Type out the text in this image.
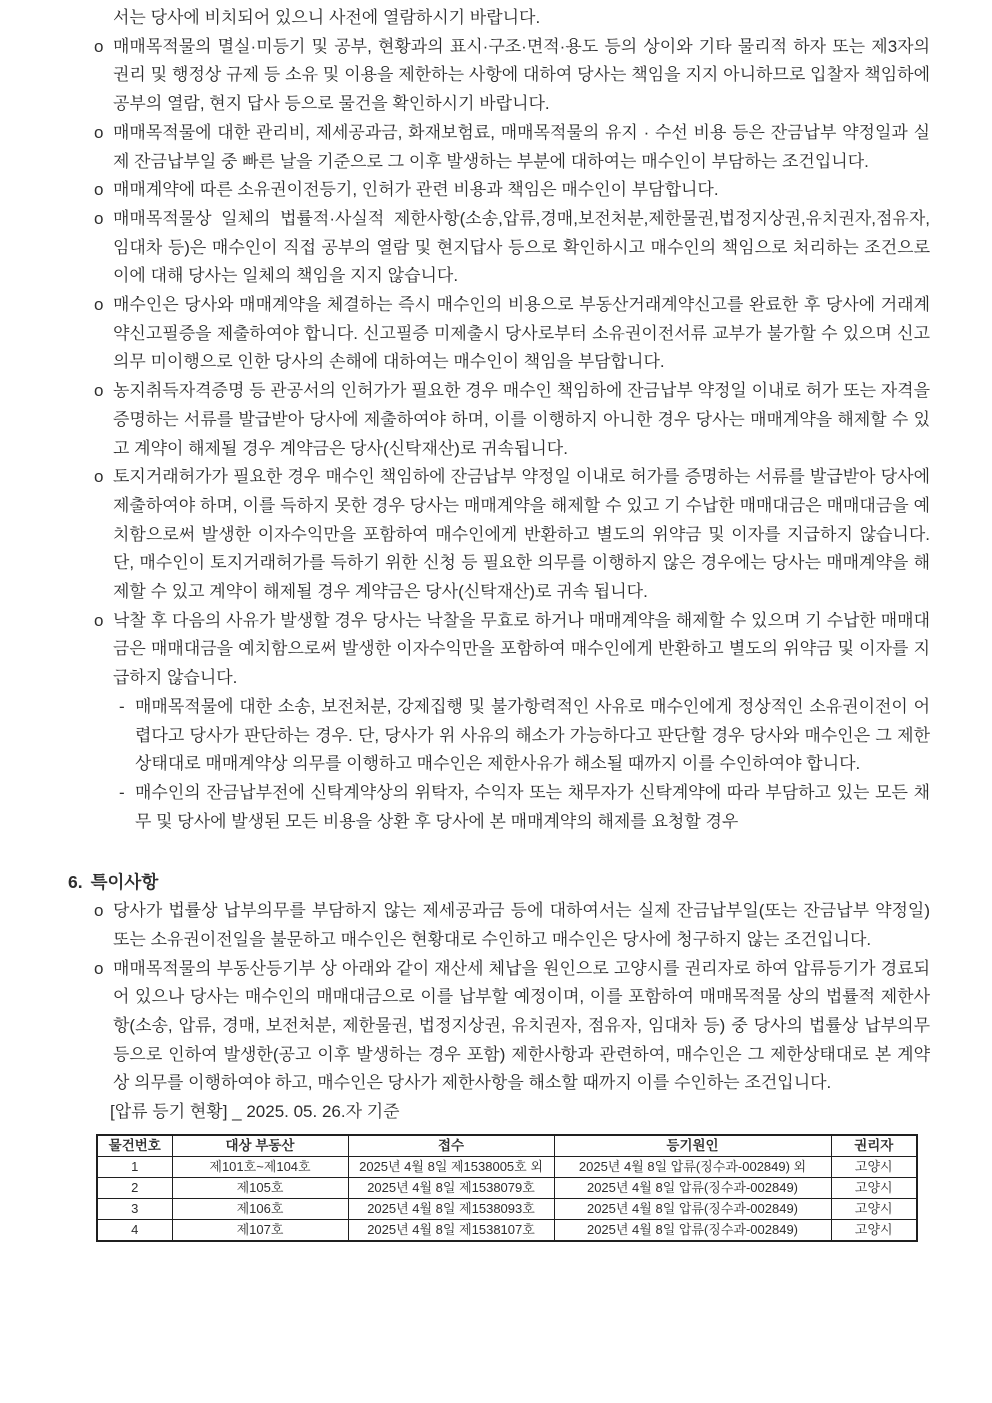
서는 당사에 비치되어 있으니 사전에 열람하시기 바랍니다.

o 매매목적물의 멸실·미등기 및 공부, 현황과의 표시·구조·면적·용도 등의 상이와 기타 물리적 하자 또는 제3자의 권리 및 행정상 규제 등 소유 및 이용을 제한하는 사항에 대하여 당사는 책임을 지지 아니하므로 입찰자 책임하에 공부의 열람, 현지 답사 등으로 물건을 확인하시기 바랍니다.
o 매매목적물에 대한 관리비, 제세공과금, 화재보험료, 매매목적물의 유지 · 수선 비용 등은 잔금납부 약정일과 실제 잔금납부일 중 빠른 날을 기준으로 그 이후 발생하는 부분에 대하여는 매수인이 부담하는 조건입니다.
o 매매계약에 따른 소유권이전등기, 인허가 관련 비용과 책임은 매수인이 부담합니다.
o 매매목적물상 일체의 법률적·사실적 제한사항(소송,압류,경매,보전처분,제한물권,법정지상권,유치권자,점유자,임대차 등)은 매수인이 직접 공부의 열람 및 현지답사 등으로 확인하시고 매수인의 책임으로 처리하는 조건으로 이에 대해 당사는 일체의 책임을 지지 않습니다.
o 매수인은 당사와 매매계약을 체결하는 즉시 매수인의 비용으로 부동산거래계약신고를 완료한 후 당사에 거래계약신고필증을 제출하여야 합니다. 신고필증 미제출시 당사로부터 소유권이전서류 교부가 불가할 수 있으며 신고의무 미이행으로 인한 당사의 손해에 대하여는 매수인이 책임을 부담합니다.
o 농지취득자격증명 등 관공서의 인허가가 필요한 경우 매수인 책임하에 잔금납부 약정일 이내로 허가 또는 자격을 증명하는 서류를 발급받아 당사에 제출하여야 하며, 이를 이행하지 아니한 경우 당사는 매매계약을 해제할 수 있고 계약이 해제될 경우 계약금은 당사(신탁재산)로 귀속됩니다.
o 토지거래허가가 필요한 경우 매수인 책임하에 잔금납부 약정일 이내로 허가를 증명하는 서류를 발급받아 당사에 제출하여야 하며, 이를 득하지 못한 경우 당사는 매매계약을 해제할 수 있고 기 수납한 매매대금은 매매대금을 예치함으로써 발생한 이자수익만을 포함하여 매수인에게 반환하고 별도의 위약금 및 이자를 지급하지 않습니다. 단, 매수인이 토지거래허가를 득하기 위한 신청 등 필요한 의무를 이행하지 않은 경우에는 당사는 매매계약을 해제할 수 있고 계약이 해제될 경우 계약금은 당사(신탁재산)로 귀속 됩니다.
o 낙찰 후 다음의 사유가 발생할 경우 당사는 낙찰을 무효로 하거나 매매계약을 해제할 수 있으며 기 수납한 매매대금은 매매대금을 예치함으로써 발생한 이자수익만을 포함하여 매수인에게 반환하고 별도의 위약금 및 이자를 지급하지 않습니다.
- 매매목적물에 대한 소송, 보전처분, 강제집행 및 불가항력적인 사유로 매수인에게 정상적인 소유권이전이 어렵다고 당사가 판단하는 경우. 단, 당사가 위 사유의 해소가 가능하다고 판단할 경우 당사와 매수인은 그 제한상태대로 매매계약상 의무를 이행하고 매수인은 제한사유가 해소될 때까지 이를 수인하여야 합니다.
- 매수인의 잔금납부전에 신탁계약상의 위탁자, 수익자 또는 채무자가 신탁계약에 따라 부담하고 있는 모든 채무 및 당사에 발생된 모든 비용을 상환 후 당사에 본 매매계약의 해제를 요청할 경우
6. 특이사항
o 당사가 법률상 납부의무를 부담하지 않는 제세공과금 등에 대하여서는 실제 잔금납부일(또는 잔금납부 약정일) 또는 소유권이전일을 불문하고 매수인은 현황대로 수인하고 매수인은 당사에 청구하지 않는 조건입니다.
o 매매목적물의 부동산등기부 상 아래와 같이 재산세 체납을 원인으로 고양시를 권리자로 하여 압류등기가 경료되어 있으나 당사는 매수인의 매매대금으로 이를 납부할 예정이며, 이를 포함하여 매매목적물 상의 법률적 제한사항(소송, 압류, 경매, 보전처분, 제한물권, 법정지상권, 유치권자, 점유자, 임대차 등) 중 당사의 법률상 납부의무 등으로 인하여 발생한(공고 이후 발생하는 경우 포함) 제한사항과 관련하여, 매수인은 그 제한상태대로 본 계약 상 의무를 이행하여야 하고, 매수인은 당사가 제한사항을 해소할 때까지 이를 수인하는 조건입니다.

[압류 등기 현황] _ 2025. 05. 26.자 기준

물건번호	대상 부동산	접수	등기원인	권리자
1	제101호~제104호	2025년 4월 8일 제1538005호 외	2025년 4월 8일 압류(징수과-002849) 외	고양시
2	제105호	2025년 4월 8일 제1538079호	2025년 4월 8일 압류(징수과-002849)	고양시
3	제106호	2025년 4월 8일 제1538093호	2025년 4월 8일 압류(징수과-002849)	고양시
4	제107호	2025년 4월 8일 제1538107호	2025년 4월 8일 압류(징수과-002849)	고양시
